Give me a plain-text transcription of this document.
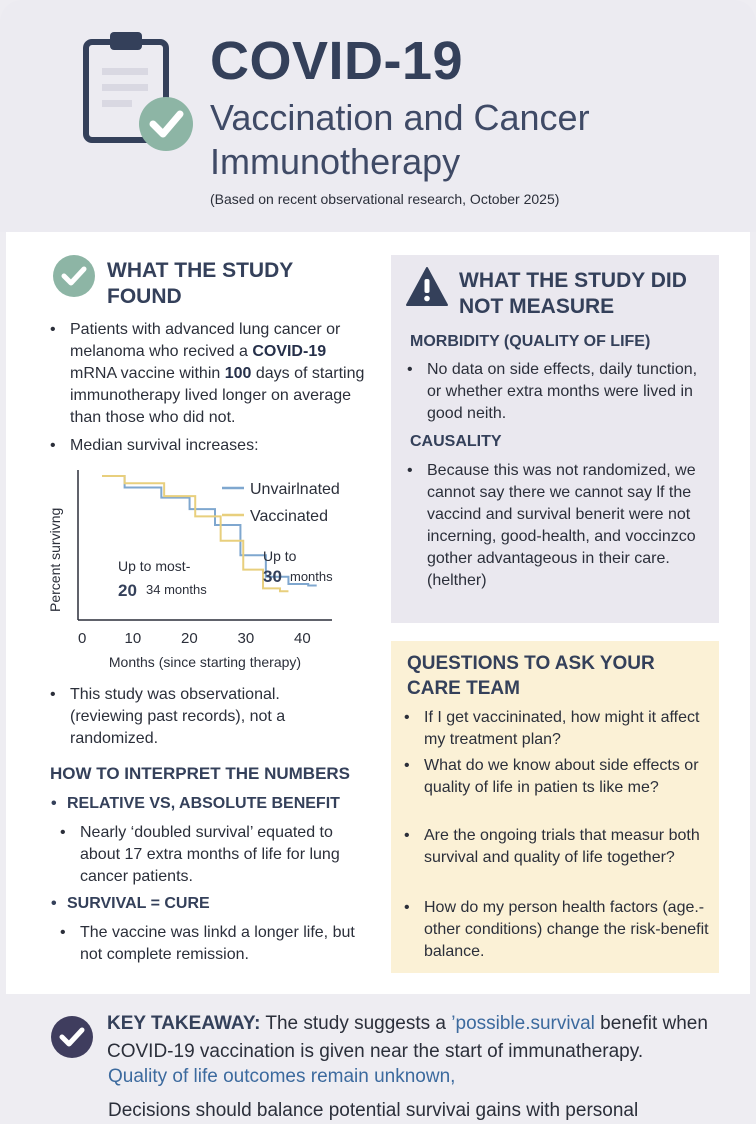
COVID-19
Vaccination and Cancer Immunotherapy
(Based on recent observational research, October 2025)
WHAT THE STUDY FOUND
• Patients with advanced lung cancer or melanoma who recived a COVID-19 mRNA vaccine within 100 days of starting immunotherapy lived longer on average than those who did not.
• Median survival increases:
0	10	20	30	40
Months (since starting therapy)
Percent survivng
Unvairlnated
Vaccinated
Up to most-
20 34 months
Up to
30 months
• This study was observational. (reviewing past records), not a randomized.
HOW TO INTERPRET THE NUMBERS
• RELATIVE VS, ABSOLUTE BENEFIT
• Nearly ‘doubled survival’ equated to about 17 extra months of life for lung cancer patients.
• SURVIVAL = CURE
• The vaccine was linkd a longer life, but not complete remission.
WHAT THE STUDY DID NOT MEASURE
MORBIDITY (QUALITY OF LIFE)
• No data on side effects, daily tunction, or whether extra months were lived in good neith.
CAUSALITY
• Because this was not randomized, we cannot say there we cannot say lf the vaccind and survival benerit were not incerning, good-health, and voccinzco gother advantageous in their care. (helther)
QUESTIONS TO ASK YOUR CARE TEAM
• If I get vaccininated, how might it affect my treatment plan?
• What do we know about side effects or quality of life in patien ts like me?
• Are the ongoing trials that measur both survival and quality of life together?
• How do my person health factors (age.-other conditions) change the risk-benefit balance.
KEY TAKEAWAY: The study suggests a ’possible.survival benefit when COVID-19 vaccination is given near the start of immunatherapy.
Quality of life outcomes remain unknown,
Decisions should balance potential survivai gains with personal
